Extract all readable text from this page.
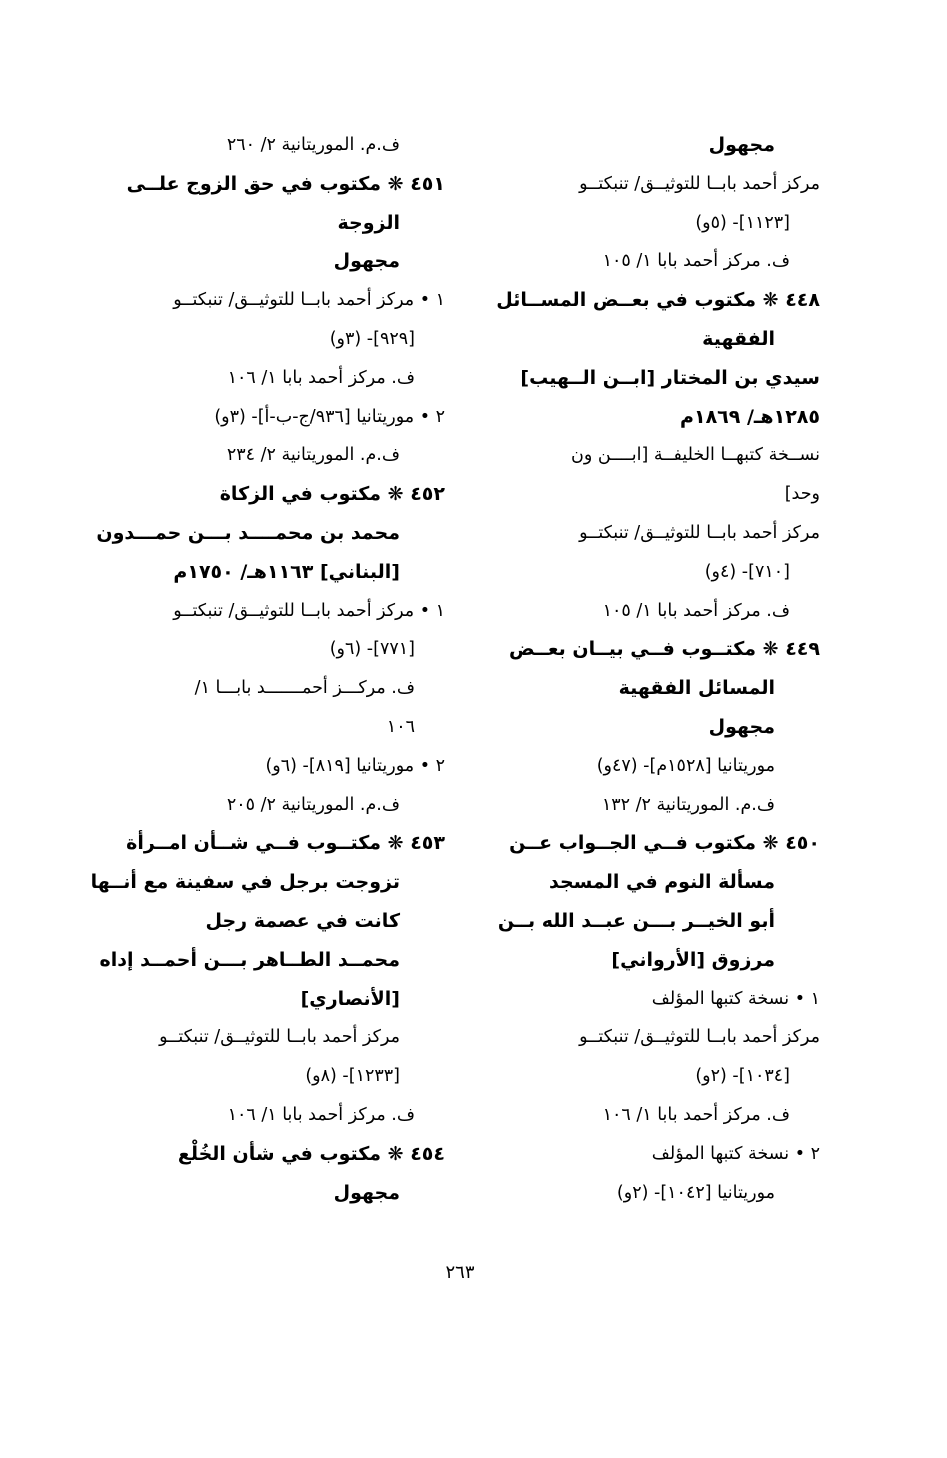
مجهول
مركز أحمد بابــا للتوثيــق/ تنبكتــو
[١١٢٣]- (٥و)
ف. مركز أحمد بابا ١/ ١٠٥
٤٤٨ ❋ مكتوب في بعــض المســائل
الفقهية
سيدي بن المختار [ابــن الــهيب]
١٢٨٥هـ/ ١٨٦٩م
نســخة كتبهــا الخليفــة [ابــــن ون
وحد]
مركز أحمد بابــا للتوثيــق/ تنبكتــو
[٧١٠]- (٤و)
ف. مركز أحمد بابا ١/ ١٠٥
٤٤٩ ❋ مكتــوب فــي بيــان بعــض
المسائل الفقهية
مجهول
موريتانيا [١٥٢٨م]- (٤٧و)
ف.م. الموريتانية ٢/ ١٣٢
٤٥٠ ❋ مكتوب فــي الجــواب عــن
مسألة النوم في المسجد
أبو الخيــر بـــن عبــد الله بــن
مرزوق [الأرواني]
١ • نسخة كتبها المؤلف
مركز أحمد بابــا للتوثيــق/ تنبكتــو
[١٠٣٤]- (٢و)
ف. مركز أحمد بابا ١/ ١٠٦
٢ • نسخة كتبها المؤلف
موريتانيا [١٠٤٢]- (٢و)
ف.م. الموريتانية ٢/ ٢٦٠
٤٥١ ❋ مكتوب في حق الزوج علــى
الزوجة
مجهول
١ • مركز أحمد بابــا للتوثيــق/ تنبكتــو
[٩٢٩]- (٣و)
ف. مركز أحمد بابا ١/ ١٠٦
٢ • موريتانيا [٩٣٦/ج-ب-أ]- (٣و)
ف.م. الموريتانية ٢/ ٢٣٤
٤٥٢ ❋ مكتوب في الزكاة
محمد بن محمــــد بـــن حمـــدون
[البناني] ١١٦٣هـ/ ١٧٥٠م
١ • مركز أحمد بابــا للتوثيــق/ تنبكتــو
[٧٧١]- (٦و)
ف. مركـــز أحمـــــــد بابـــا ١/
١٠٦
٢ • موريتانيا [٨١٩]- (٦و)
ف.م. الموريتانية ٢/ ٢٠٥
٤٥٣ ❋ مكتــوب فــي شــأن امــرأة
تزوجت برجل في سفينة مع أنــها
كانت في عصمة رجل
محمــد الطــاهر بـــن أحمــد إداه
[الأنصاري]
مركز أحمد بابــا للتوثيــق/ تنبكتــو
[١٢٣٣]- (٨و)
ف. مركز أحمد بابا ١/ ١٠٦
٤٥٤ ❋ مكتوب في شأن الخُلْع
مجهول
٢٦٣
